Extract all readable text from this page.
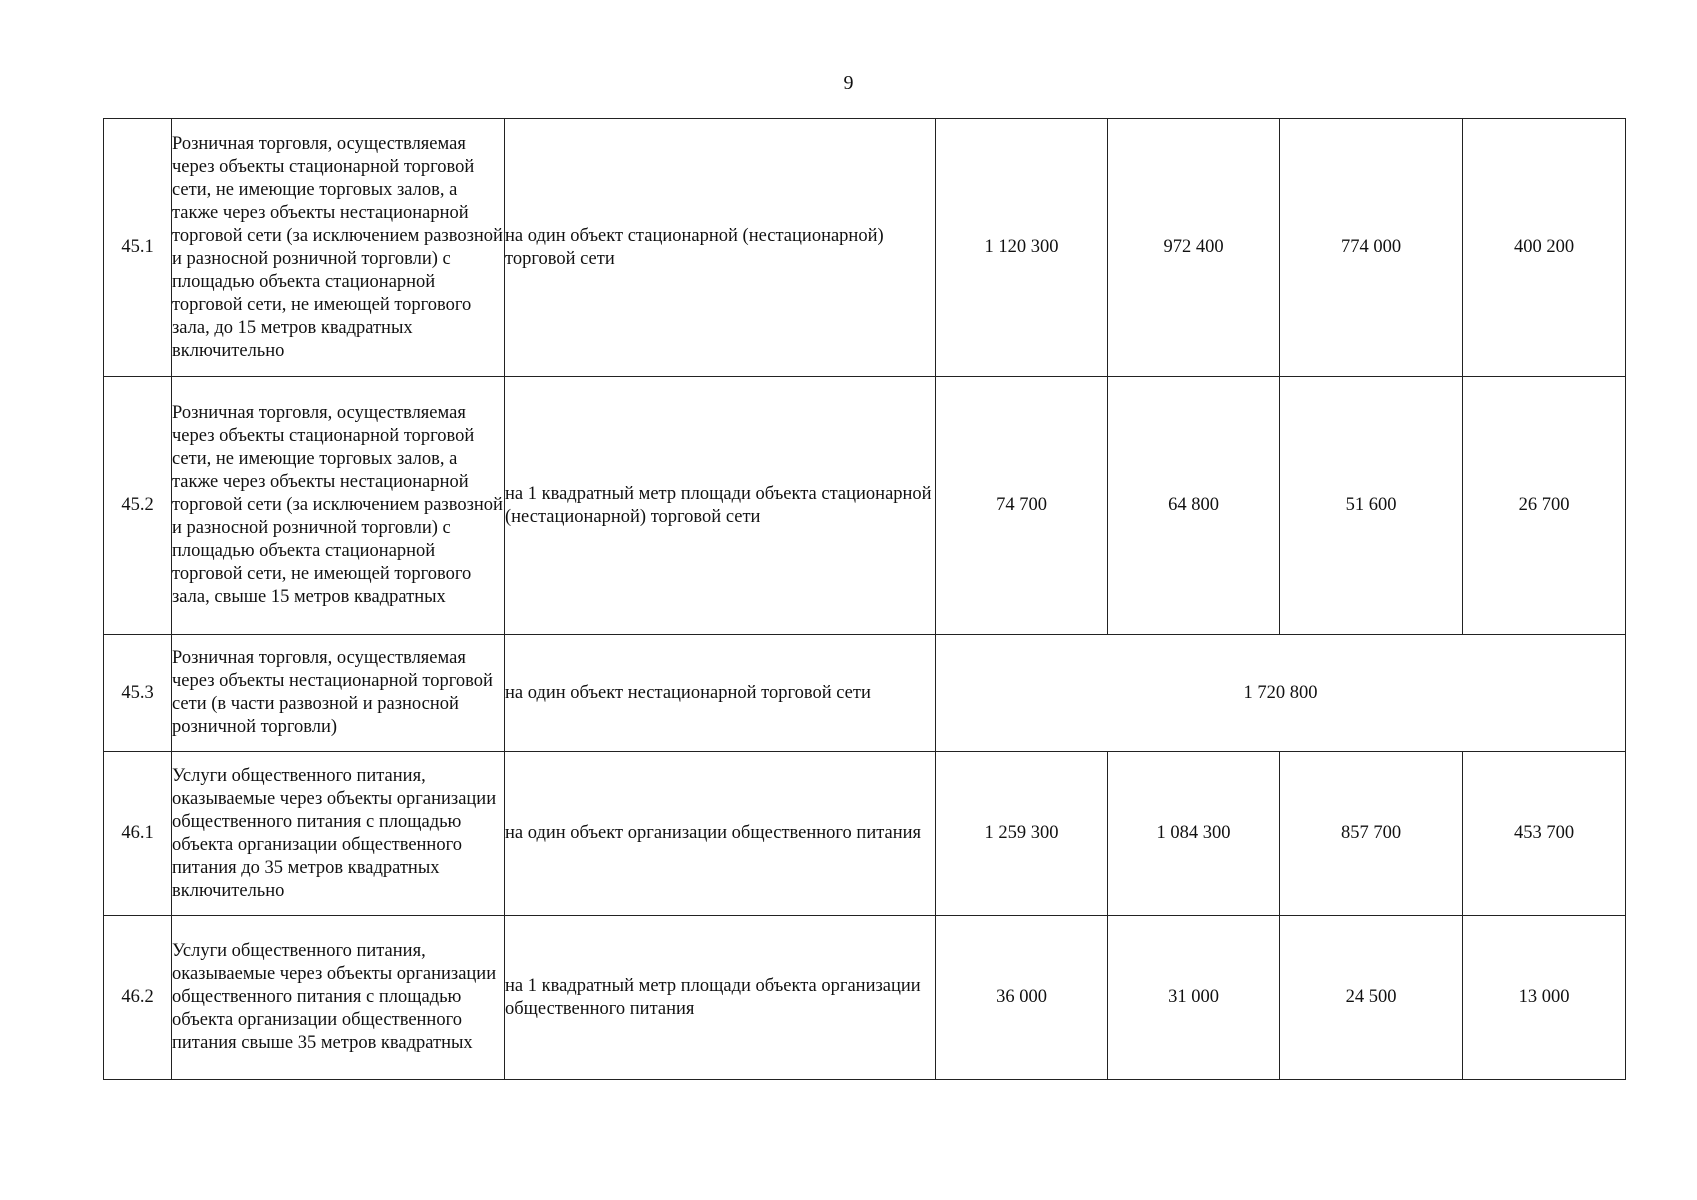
9
45.1	Розничная торговля, осуществляемая через объекты стационарной торговой сети, не имеющие торговых залов, а также через объекты нестационарной торговой сети (за исключением развозной и разносной розничной торговли) с площадью объекта стационарной торговой сети, не имеющей торгового зала, до 15 метров квадратных включительно	на один объект стационарной (нестационарной) торговой сети	1 120 300	972 400	774 000	400 200
45.2	Розничная торговля, осуществляемая через объекты стационарной торговой сети, не имеющие торговых залов, а также через объекты нестационарной торговой сети (за исключением развозной и разносной розничной торговли) с площадью объекта стационарной торговой сети, не имеющей торгового зала, свыше 15 метров квадратных	на 1 квадратный метр площади объекта стационарной (нестационарной) торговой сети	74 700	64 800	51 600	26 700
45.3	Розничная торговля, осуществляемая через объекты нестационарной торговой сети (в части развозной и разносной розничной торговли)	на один объект нестационарной торговой сети	1 720 800			
46.1	Услуги общественного питания, оказываемые через объекты организации общественного питания с площадью объекта организации общественного питания до 35 метров квадратных включительно	на один объект организации общественного питания	1 259 300	1 084 300	857 700	453 700
46.2	Услуги общественного питания, оказываемые через объекты организации общественного питания с площадью объекта организации общественного питания свыше 35 метров квадратных	на 1 квадратный метр площади объекта организации общественного питания	36 000	31 000	24 500	13 000
